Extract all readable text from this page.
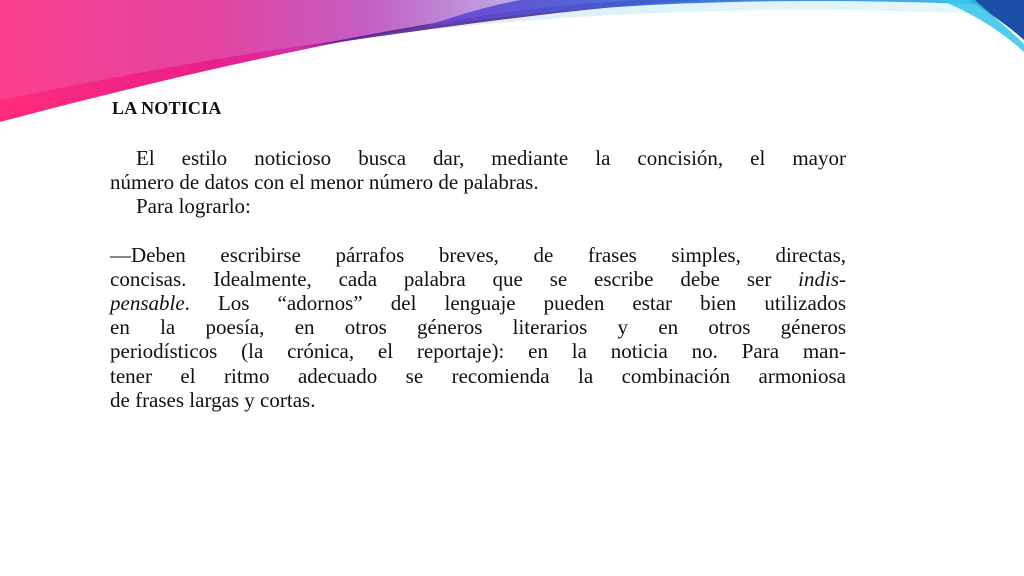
LA NOTICIA
El estilo noticioso busca dar, mediante la concisión, el mayor
número de datos con el menor número de palabras.
Para lograrlo:
—Deben escribirse párrafos breves, de frases simples, directas,
concisas. Idealmente, cada palabra que se escribe debe ser indis-
pensable. Los “adornos” del lenguaje pueden estar bien utilizados
en la poesía, en otros géneros literarios y en otros géneros
periodísticos (la crónica, el reportaje): en la noticia no. Para man-
tener el ritmo adecuado se recomienda la combinación armoniosa
de frases largas y cortas.
